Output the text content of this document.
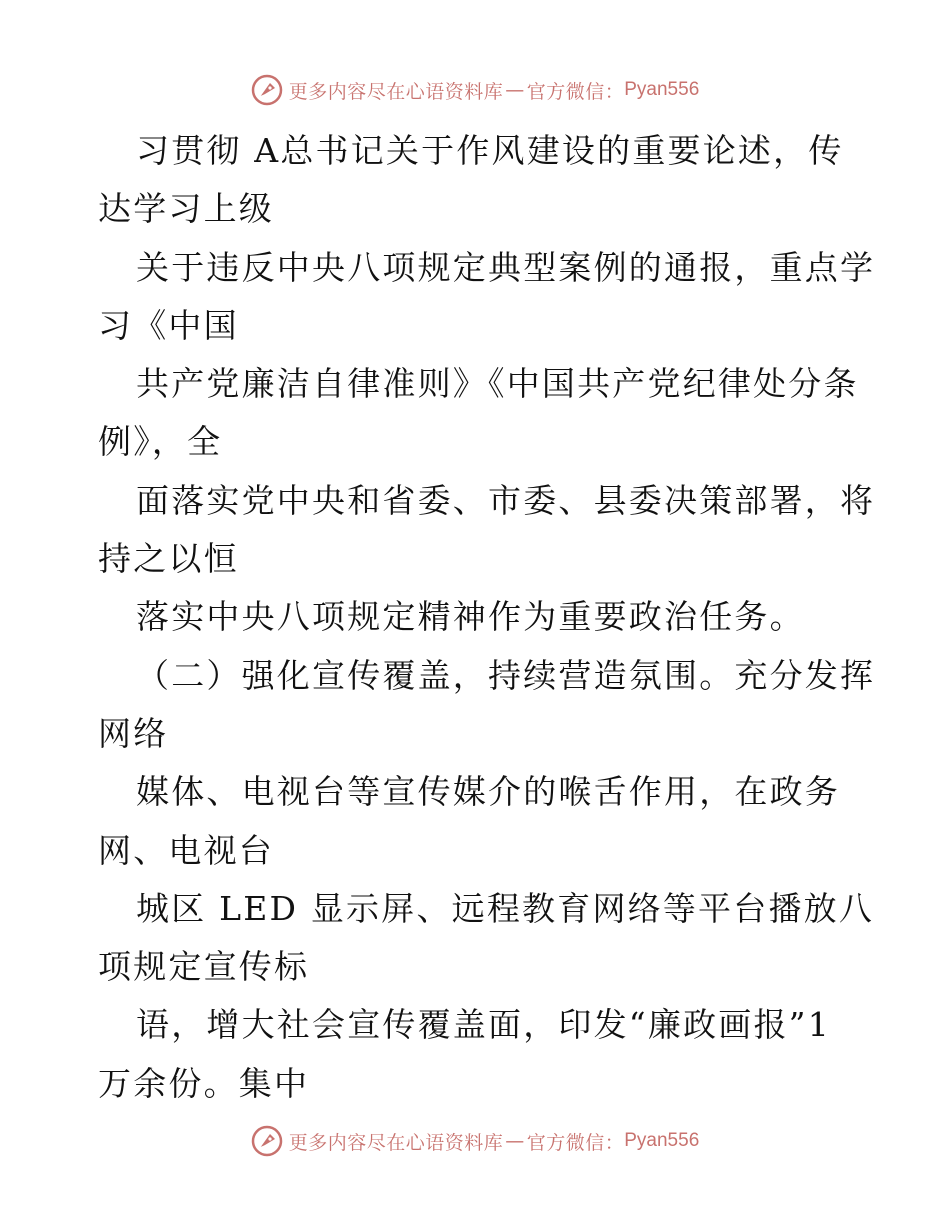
更多内容尽在心语资料库 — 官方微信： Pyan556
习贯彻 A总书记关于作风建设的重要论述，传
达学习上级
关于违反中央八项规定典型案例的通报，重点学
习《中国
共产党廉洁自律准则》《中国共产党纪律处分条
例》，全
面落实党中央和省委、市委、县委决策部署，将
持之以恒
落实中央八项规定精神作为重要政治任务。
（二）强化宣传覆盖，持续营造氛围。充分发挥
网络
媒体、电视台等宣传媒介的喉舌作用，在政务
网、电视台
城区 LED 显示屏、远程教育网络等平台播放八
项规定宣传标
语，增大社会宣传覆盖面，印发“廉政画报”1
万余份。集中
更多内容尽在心语资料库 — 官方微信： Pyan556
